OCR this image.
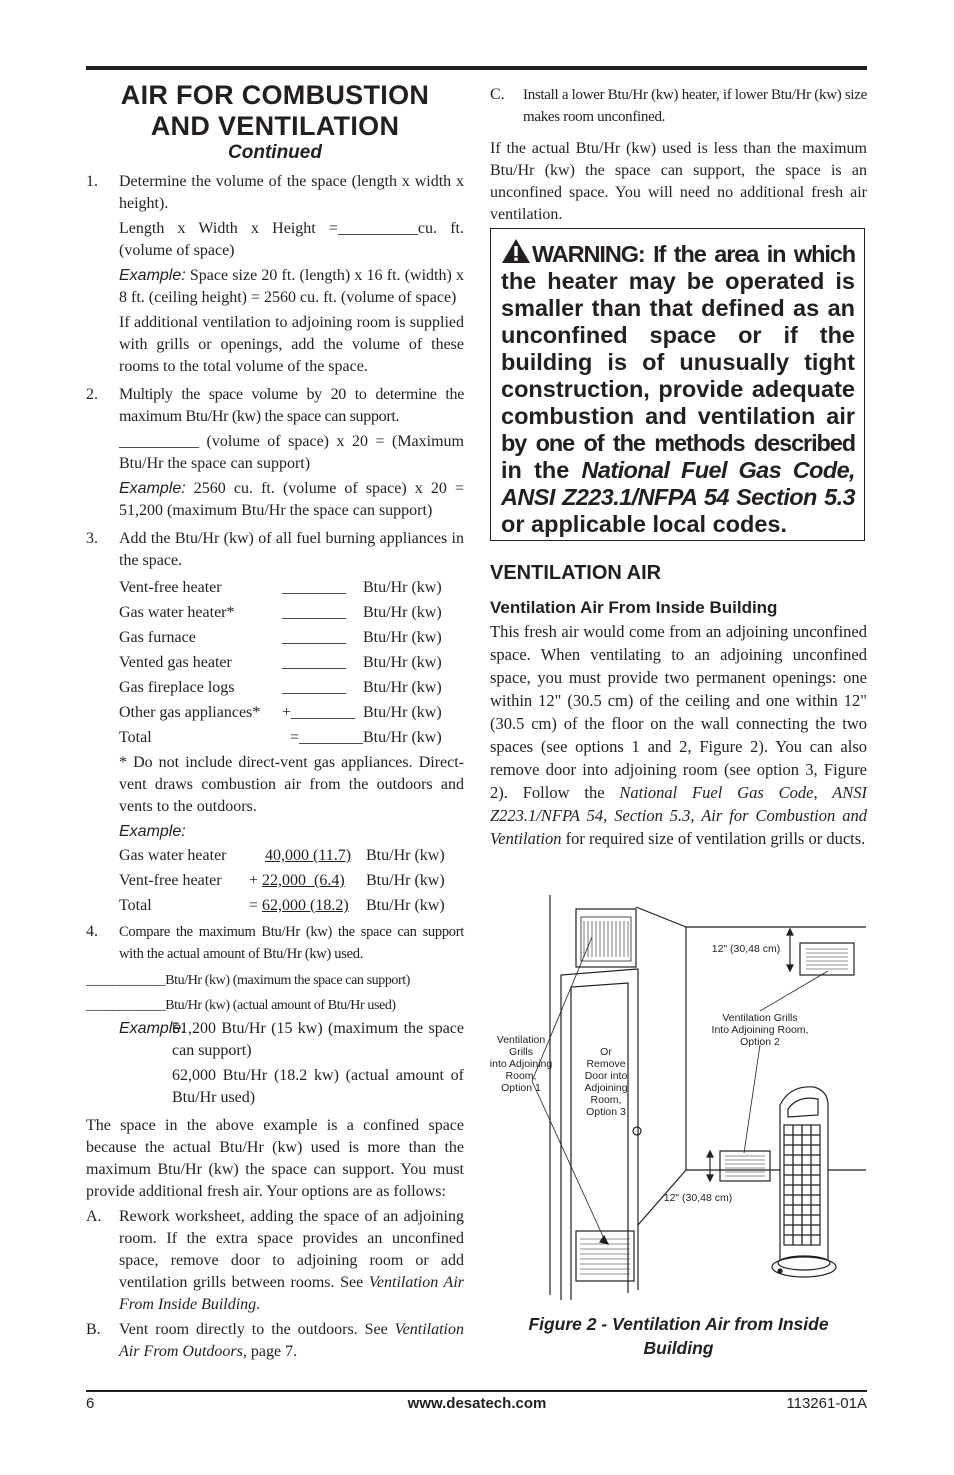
AIR FOR COMBUSTION
AND VENTILATION
Continued
1.	Determine the volume of the space (length x width x height).

Length x Width x Height =__________cu. ft. (volume of space)

Example: Space size 20 ft. (length) x 16 ft. (width) x 8 ft. (ceiling height) = 2560 cu. ft. (volume of space)

If additional ventilation to adjoining room is supplied with grills or openings, add the volume of these rooms to the total volume of the space.

2.	Multiply the space volume by 20 to determine the maximum Btu/Hr (kw) the space can support.

__________ (volume of space) x 20 = (Maximum Btu/Hr the space can support)

Example: 2560 cu. ft. (volume of space) x 20 = 51,200 (maximum Btu/Hr the space can support)

3.	Add the Btu/Hr (kw) of all fuel burning appliances in the space.

Vent-free heater	________	Btu/Hr (kw)
Gas water heater*	________	Btu/Hr (kw)
Gas furnace	________	Btu/Hr (kw)
Vented gas heater	________	Btu/Hr (kw)
Gas fireplace logs	________	Btu/Hr (kw)
Other gas appliances*	+________ Btu/Hr (kw)
Total	=________ Btu/Hr (kw)

* Do not include direct-vent gas appliances. Direct-vent draws combustion air from the outdoors and vents to the outdoors.

Example:

Gas water heater	40,000 (11.7) Btu/Hr (kw)
Vent-free heater	+ 22,000  (6.4)	Btu/Hr (kw)
Total	= 62,000 (18.2)	Btu/Hr (kw)
4.	Compare the maximum Btu/Hr (kw) the space can support with the actual amount of Btu/Hr (kw) used.

____________Btu/Hr (kw) (maximum the space can support)
____________Btu/Hr (kw) (actual amount of Btu/Hr used)
Example:

51,200 Btu/Hr (15 kw) (maximum the space can support)

62,000 Btu/Hr (18.2 kw) (actual amount of Btu/Hr used)

The space in the above example is a confined space because the actual Btu/Hr (kw) used is more than the maximum Btu/Hr (kw) the space can support. You must provide additional fresh air. Your options are as follows:

A.	Rework worksheet, adding the space of an adjoining room. If the extra space provides an unconfined space, remove door to adjoining room or add ventilation grills between rooms. See Ventilation Air From Inside Building.
B.	Vent room directly to the outdoors. See Ventilation Air From Outdoors, page 7.
C.	Install a lower Btu/Hr (kw) heater, if lower Btu/Hr (kw) size makes room unconfined.

If the actual Btu/Hr (kw) used is less than the maximum Btu/Hr (kw) the space can support, the space is an unconfined space. You will need no additional fresh air ventilation.

WARNING: If the area in which the heater may be operated is smaller than that defined as an unconfined space or if the building is of unusually tight construction, provide adequate combustion and ventilation air by one of the methods described in the National Fuel Gas Code, ANSI Z223.1/NFPA 54 Section 5.3 or applicable local codes.
VENTILATION AIR
Ventilation Air From Inside Building
This fresh air would come from an adjoining unconfined space. When ventilating to an adjoining unconfined space, you must provide two permanent openings: one within 12" (30.5 cm) of the ceiling and one within 12" (30.5 cm) of the floor on the wall connecting the two spaces (see options 1 and 2, Figure 2). You can also remove door into adjoining room (see option 3, Figure 2). Follow the National Fuel Gas Code, ANSI Z223.1/NFPA 54, Section 5.3, Air for Combustion and Ventilation for required size of ventilation grills or ducts.
12" (30,48 cm)
12" (30,48 cm)
Ventilation Grills
Into Adjoining Room,
Option 2
Ventilation
Grills
into Adjoining
Room,
Option 1
Or
Remove
Door into
Adjoining
Room,
Option 3
Figure 2 - Ventilation Air from Inside
Building
6	www.desatech.com	113261-01A
